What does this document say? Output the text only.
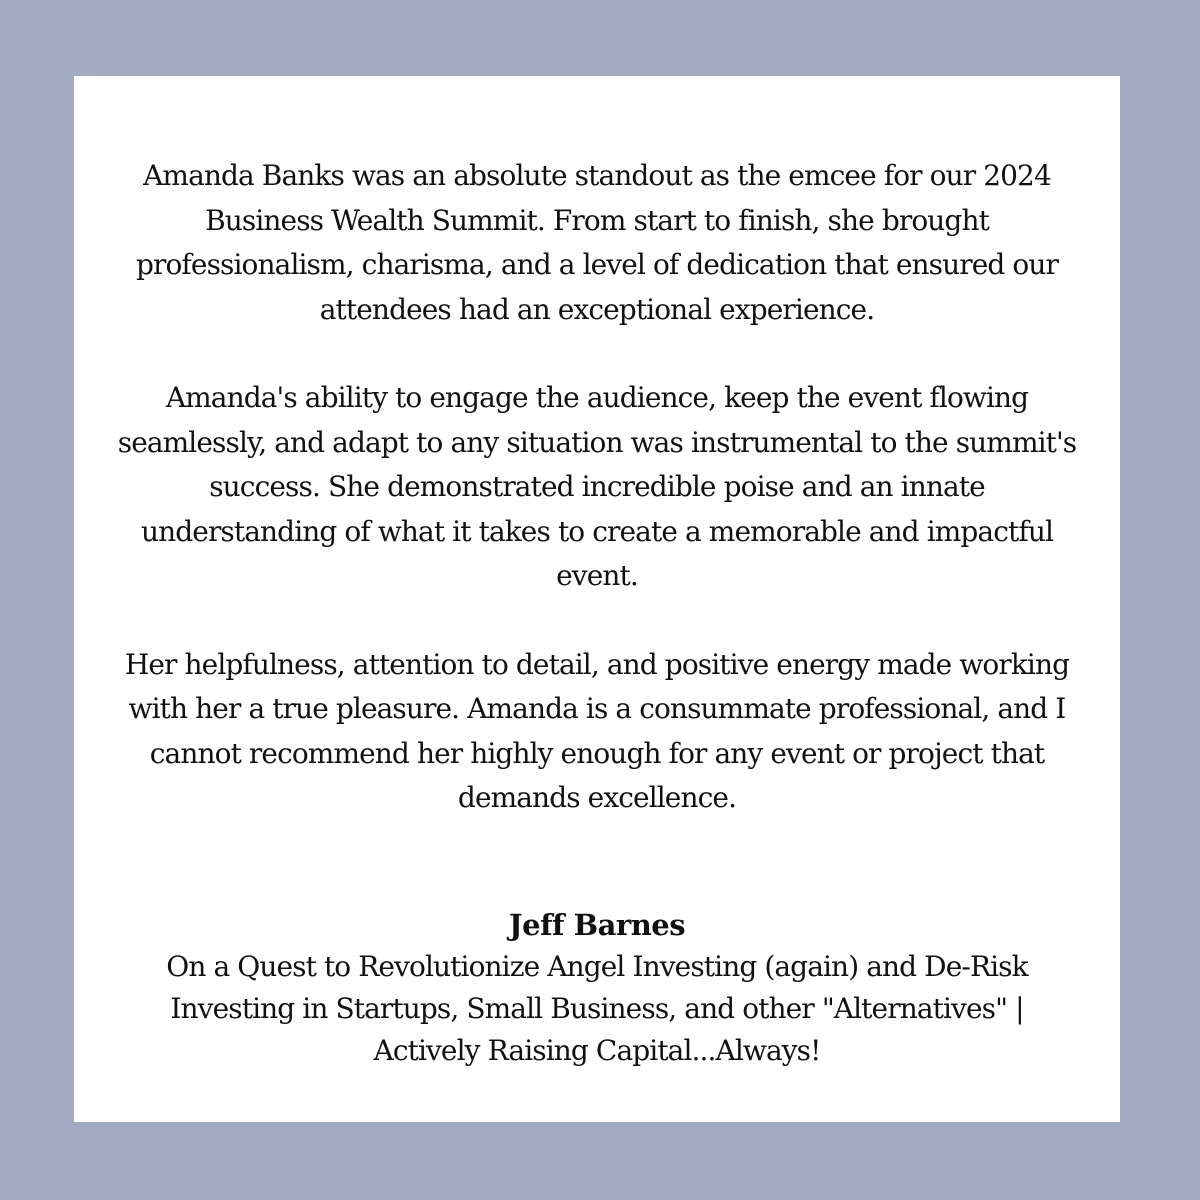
Amanda Banks was an absolute standout as the emcee for our 2024 Business Wealth Summit. From start to finish, she brought professionalism, charisma, and a level of dedication that ensured our attendees had an exceptional experience.

Amanda's ability to engage the audience, keep the event flowing seamlessly, and adapt to any situation was instrumental to the summit's success. She demonstrated incredible poise and an innate understanding of what it takes to create a memorable and impactful event.

Her helpfulness, attention to detail, and positive energy made working with her a true pleasure. Amanda is a consummate professional, and I cannot recommend her highly enough for any event or project that demands excellence.

Jeff Barnes

On a Quest to Revolutionize Angel Investing (again) and De-Risk Investing in Startups, Small Business, and other "Alternatives" | Actively Raising Capital...Always!
